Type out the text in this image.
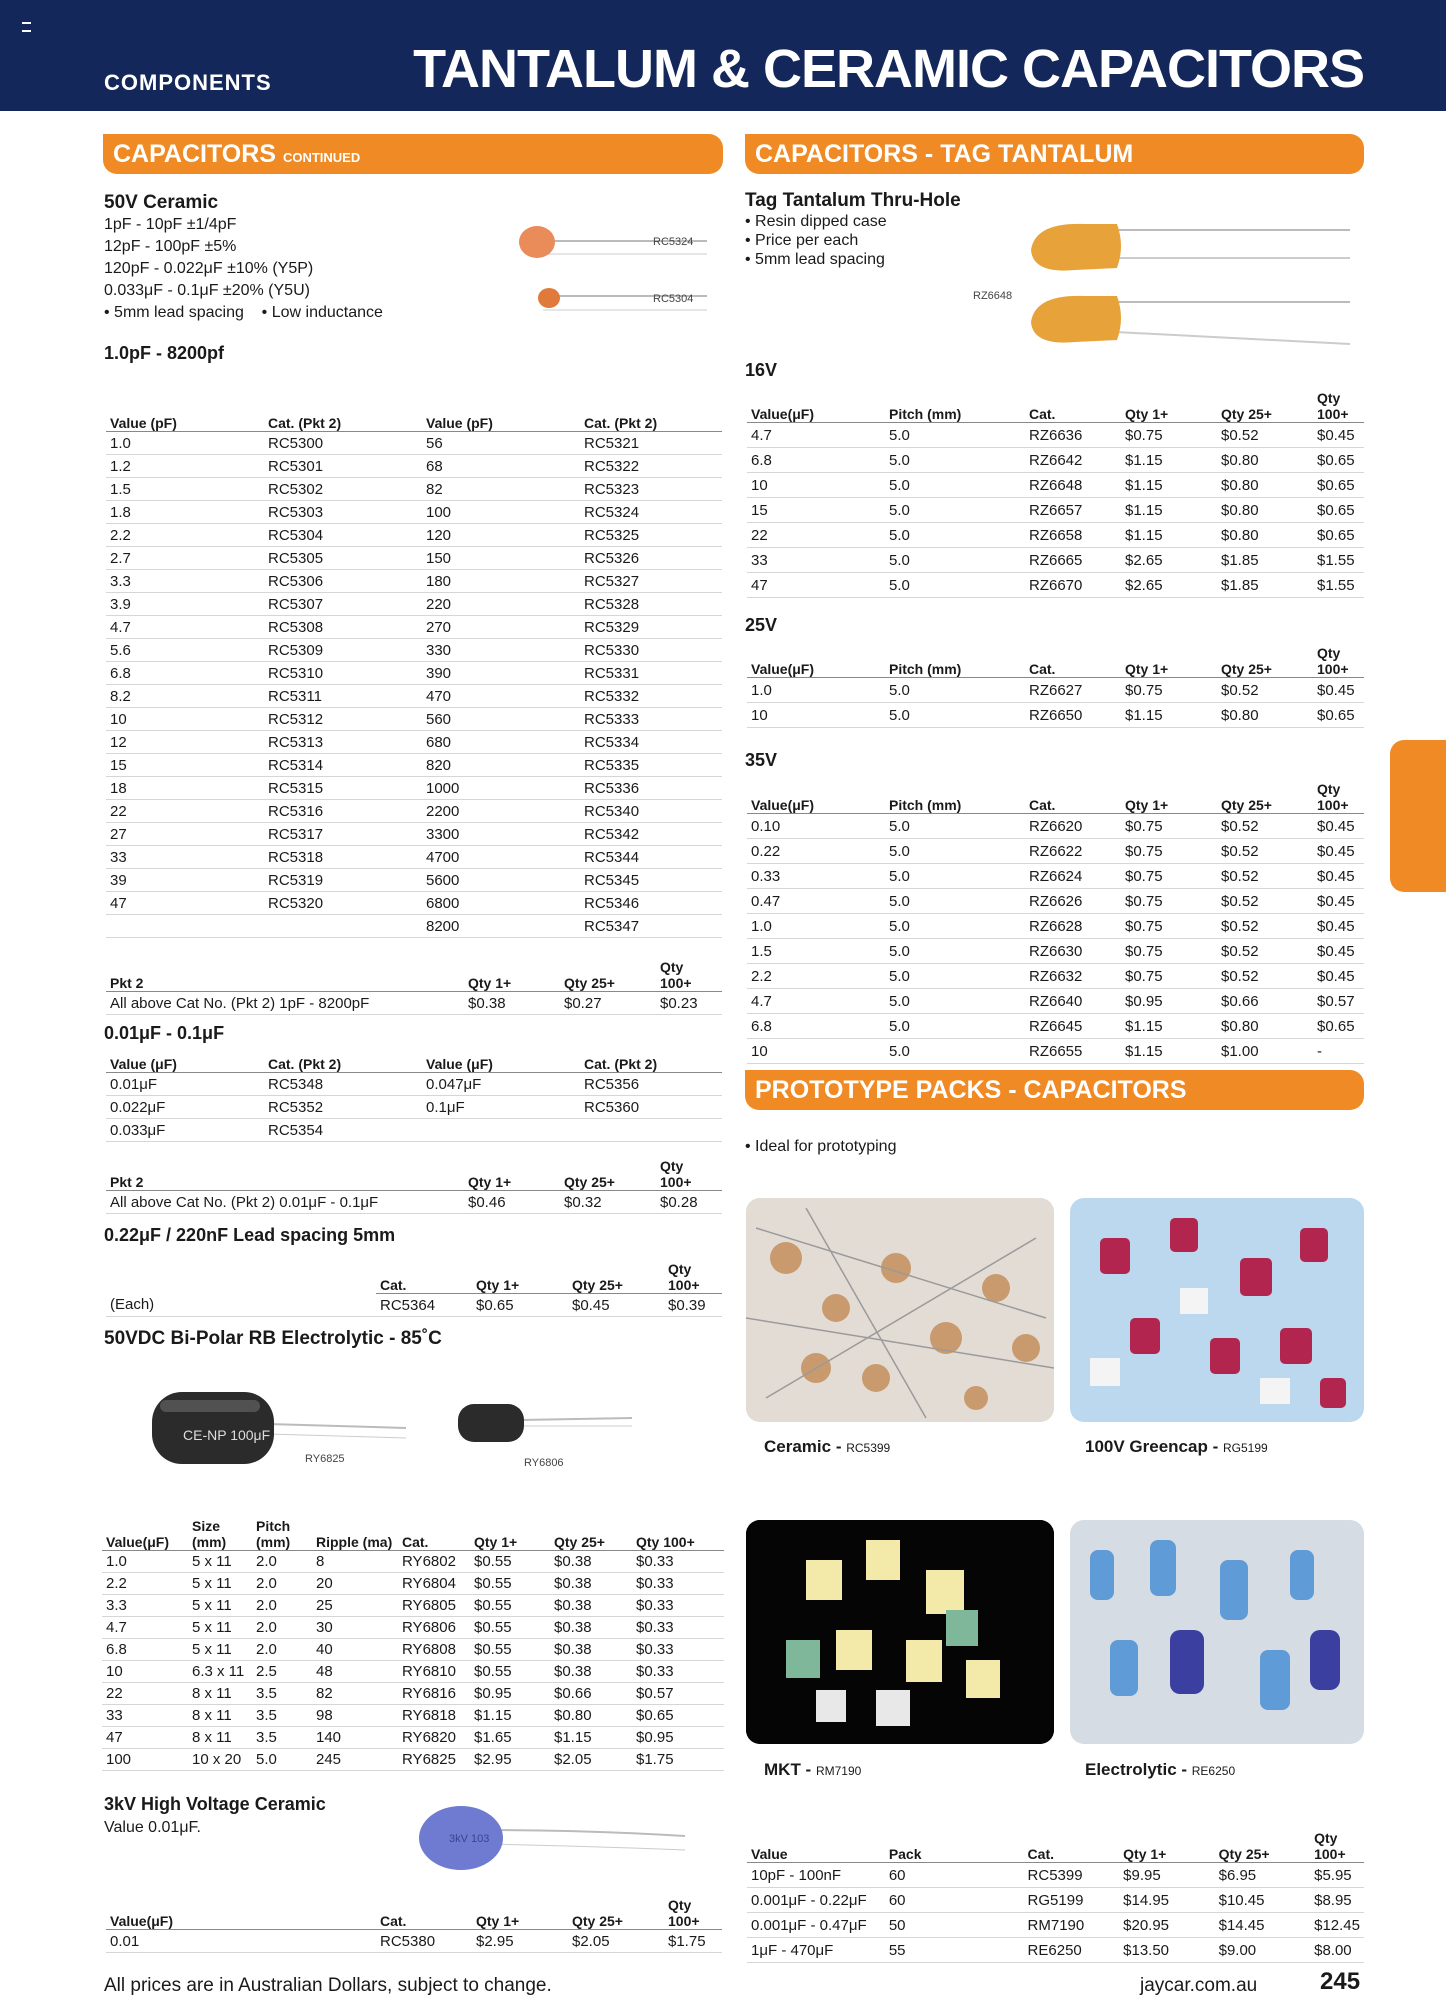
COMPONENTS	TANTALUM & CERAMIC CAPACITORS
CAPACITORS CONTINUED
50V Ceramic
1pF - 10pF ±1/4pF
12pF - 100pF ±5%
120pF - 0.022μF ±10% (Y5P)
0.033μF - 0.1μF ±20% (Y5U)
• 5mm lead spacing • Low inductance
RC5324
RC5304
1.0pF - 8200pf
Value (pF)	Cat. (Pkt 2)	Value (pF)	Cat. (Pkt 2)
1.0	RC5300	56	RC5321
1.2	RC5301	68	RC5322
1.5	RC5302	82	RC5323
1.8	RC5303	100	RC5324
2.2	RC5304	120	RC5325
2.7	RC5305	150	RC5326
3.3	RC5306	180	RC5327
3.9	RC5307	220	RC5328
4.7	RC5308	270	RC5329
5.6	RC5309	330	RC5330
6.8	RC5310	390	RC5331
8.2	RC5311	470	RC5332
10	RC5312	560	RC5333
12	RC5313	680	RC5334
15	RC5314	820	RC5335
18	RC5315	1000	RC5336
22	RC5316	2200	RC5340
27	RC5317	3300	RC5342
33	RC5318	4700	RC5344
39	RC5319	5600	RC5345
47	RC5320	6800	RC5346
		8200	RC5347
Pkt 2	Qty 1+	Qty 25+	Qty 100+
All above Cat No. (Pkt 2) 1pF - 8200pF	$0.38	$0.27	$0.23
0.01μF - 0.1μF
Value (μF)	Cat. (Pkt 2)	Value (μF)	Cat. (Pkt 2)
0.01μF	RC5348	0.047μF	RC5356
0.022μF	RC5352	0.1μF	RC5360
0.033μF	RC5354		
Pkt 2	Qty 1+	Qty 25+	Qty 100+
All above Cat No. (Pkt 2) 0.01μF - 0.1μF	$0.46	$0.32	$0.28
0.22μF / 220nF Lead spacing 5mm
	Cat.	Qty 1+	Qty 25+	Qty 100+
(Each)	RC5364	$0.65	$0.45	$0.39
50VDC Bi-Polar RB Electrolytic - 85˚C
CE-NP 100μF
RY6825	RY6806
Value(μF)	Size (mm)	Pitch (mm)	Ripple (ma)	Cat.	Qty 1+	Qty 25+	Qty 100+
1.0	5 x 11	2.0	8	RY6802	$0.55	$0.38	$0.33
2.2	5 x 11	2.0	20	RY6804	$0.55	$0.38	$0.33
3.3	5 x 11	2.0	25	RY6805	$0.55	$0.38	$0.33
4.7	5 x 11	2.0	30	RY6806	$0.55	$0.38	$0.33
6.8	5 x 11	2.0	40	RY6808	$0.55	$0.38	$0.33
10	6.3 x 11	2.5	48	RY6810	$0.55	$0.38	$0.33
22	8 x 11	3.5	82	RY6816	$0.95	$0.66	$0.57
33	8 x 11	3.5	98	RY6818	$1.15	$0.80	$0.65
47	8 x 11	3.5	140	RY6820	$1.65	$1.15	$0.95
100	10 x 20	5.0	245	RY6825	$2.95	$2.05	$1.75
3kV High Voltage Ceramic
Value 0.01μF.
3kV 103
Value(μF)	Cat.	Qty 1+	Qty 25+	Qty 100+
0.01	RC5380	$2.95	$2.05	$1.75
CAPACITORS - TAG TANTALUM
Tag Tantalum Thru-Hole
• Resin dipped case
• Price per each
• 5mm lead spacing
RZ6648
16V
Value(μF)	Pitch (mm)	Cat.	Qty 1+	Qty 25+	Qty 100+
4.7	5.0	RZ6636	$0.75	$0.52	$0.45
6.8	5.0	RZ6642	$1.15	$0.80	$0.65
10	5.0	RZ6648	$1.15	$0.80	$0.65
15	5.0	RZ6657	$1.15	$0.80	$0.65
22	5.0	RZ6658	$1.15	$0.80	$0.65
33	5.0	RZ6665	$2.65	$1.85	$1.55
47	5.0	RZ6670	$2.65	$1.85	$1.55
25V
Value(μF)	Pitch (mm)	Cat.	Qty 1+	Qty 25+	Qty 100+
1.0	5.0	RZ6627	$0.75	$0.52	$0.45
10	5.0	RZ6650	$1.15	$0.80	$0.65
35V
Value(μF)	Pitch (mm)	Cat.	Qty 1+	Qty 25+	Qty 100+
0.10	5.0	RZ6620	$0.75	$0.52	$0.45
0.22	5.0	RZ6622	$0.75	$0.52	$0.45
0.33	5.0	RZ6624	$0.75	$0.52	$0.45
0.47	5.0	RZ6626	$0.75	$0.52	$0.45
1.0	5.0	RZ6628	$0.75	$0.52	$0.45
1.5	5.0	RZ6630	$0.75	$0.52	$0.45
2.2	5.0	RZ6632	$0.75	$0.52	$0.45
4.7	5.0	RZ6640	$0.95	$0.66	$0.57
6.8	5.0	RZ6645	$1.15	$0.80	$0.65
10	5.0	RZ6655	$1.15	$1.00	-
PROTOTYPE PACKS - CAPACITORS
• Ideal for prototyping
Ceramic - RC5399	100V Greencap - RG5199
MKT - RM7190	Electrolytic - RE6250
Value	Pack	Cat.	Qty 1+	Qty 25+	Qty 100+
10pF - 100nF	60	RC5399	$9.95	$6.95	$5.95
0.001μF - 0.22μF	60	RG5199	$14.95	$10.45	$8.95
0.001μF - 0.47μF	50	RM7190	$20.95	$14.45	$12.45
1μF - 470μF	55	RE6250	$13.50	$9.00	$8.00
All prices are in Australian Dollars, subject to change.	jaycar.com.au	245
